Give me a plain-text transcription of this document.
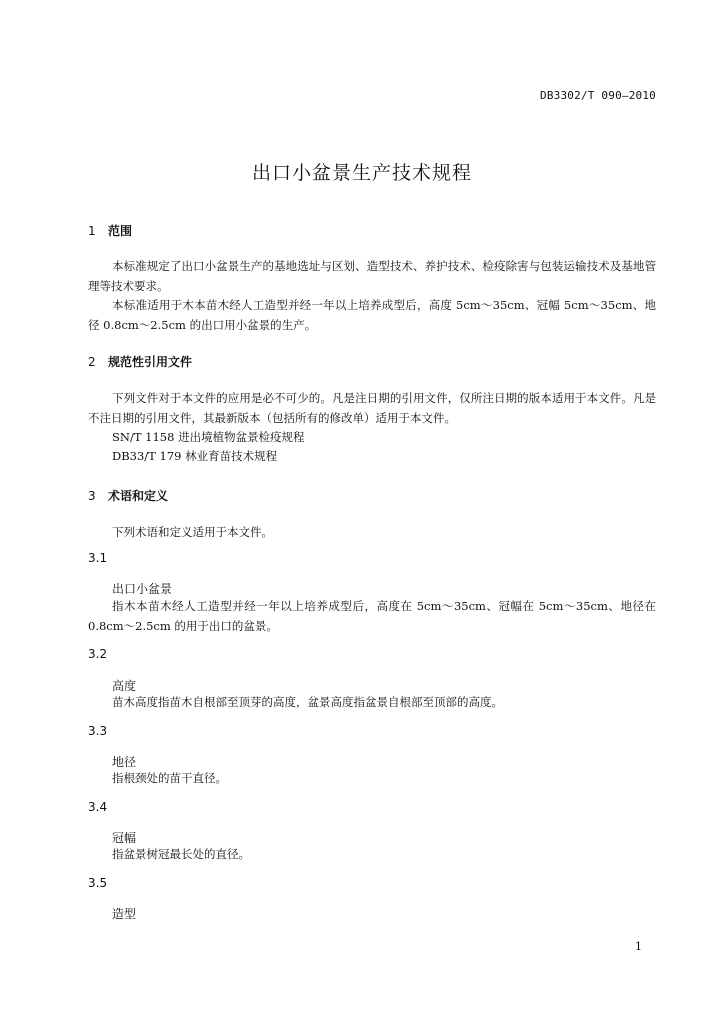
DB3302/T 090—2010
出口小盆景生产技术规程
1 范围
本标准规定了出口小盆景生产的基地选址与区划、造型技术、养护技术、检疫除害与包装运输技术及基地管理等技术要求。
本标准适用于木本苗木经人工造型并经一年以上培养成型后，高度 5cm～35cm、冠幅 5cm～35cm、地径 0.8cm～2.5cm 的出口用小盆景的生产。
2 规范性引用文件
下列文件对于本文件的应用是必不可少的。凡是注日期的引用文件，仅所注日期的版本适用于本文件。凡是不注日期的引用文件，其最新版本（包括所有的修改单）适用于本文件。
SN/T 1158 进出境植物盆景检疫规程
DB33/T 179 林业育苗技术规程
3 术语和定义
下列术语和定义适用于本文件。
3.1
出口小盆景
指木本苗木经人工造型并经一年以上培养成型后，高度在 5cm～35cm、冠幅在 5cm～35cm、地径在 0.8cm～2.5cm 的用于出口的盆景。
3.2
高度
苗木高度指苗木自根部至顶芽的高度，盆景高度指盆景自根部至顶部的高度。
3.3
地径
指根颈处的苗干直径。
3.4
冠幅
指盆景树冠最长处的直径。
3.5
造型
1
